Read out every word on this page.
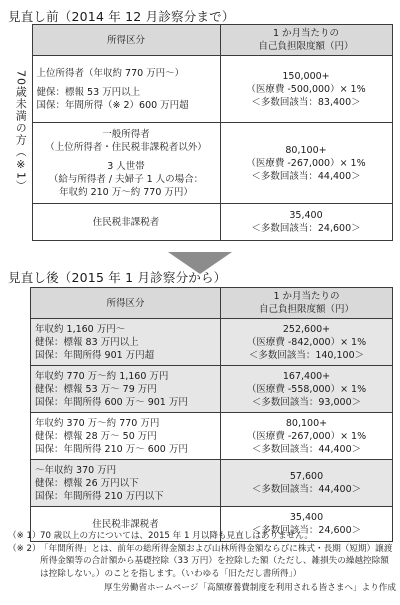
見直し前（2014 年 12 月診察分まで）
70歳未満の方（※1）	所得区分	1 か月当たりの
自己負担限度額（円）

	上位所得者（年収約 770 万円～）
健保：標報 53 万円以上
国保：年間所得（※ 2）600 万円超	150,000+
（医療費 -500,000）× 1%
＜多数回該当：83,400＞

	一般所得者
（上位所得者・住民税非課税者以外）
3 人世帯
（給与所得者 / 夫婦子 1 人の場合：
年収約 210 万～約 770 万円）	80,100+
（医療費 -267,000）× 1%
＜多数回該当：44,400＞

	住民税非課税者	35,400
＜多数回該当：24,600＞
見直し後（2015 年 1 月診察分から）
所得区分	1 か月当たりの
自己負担限度額（円）

年収約 1,160 万円～
健保：標報 83 万円以上
国保：年間所得 901 万円超	252,600+
（医療費 -842,000）× 1%
＜多数回該当：140,100＞

年収約 770 万～約 1,160 万円
健保：標報 53 万～ 79 万円
国保：年間所得 600 万～ 901 万円	167,400+
（医療費 -558,000）× 1%
＜多数回該当：93,000＞

年収約 370 万～約 770 万円
健保：標報 28 万～ 50 万円
国保：年間所得 210 万～ 600 万円	80,100+
（医療費 -267,000）× 1%
＜多数回該当：44,400＞

～年収約 370 万円
健保：標報 26 万円以下
国保：年間所得 210 万円以下	57,600
＜多数回該当：44,400＞

住民税非課税者	35,400
＜多数回該当：24,600＞
（※ 1） 70 歳以上の方については、2015 年 1 月以降も見直しはありません。
（※ 2） 「年間所得」とは、前年の総所得金額および山林所得金額ならびに株式・長期（短期）譲渡所得金額等の合計額から基礎控除（33 万円）を控除した額（ただし、雑損失の繰越控除額は控除しない。）のことを指します。（いわゆる「旧ただし書所得」）
厚生労働省ホームページ「高額療養費制度を利用される皆さまへ」より作成
